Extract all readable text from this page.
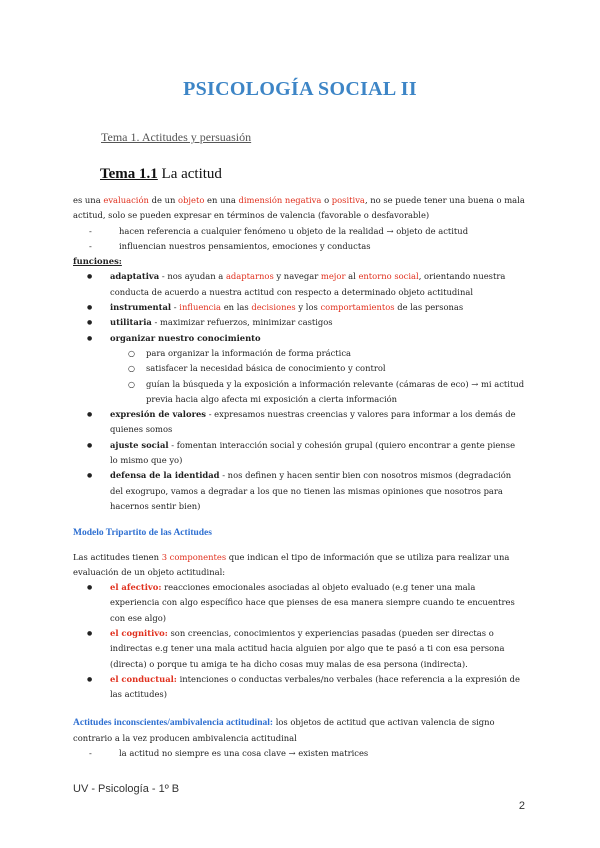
PSICOLOGÍA SOCIAL II
Tema 1. Actitudes y persuasión
Tema 1.1 La actitud

es una evaluación de un objeto en una dimensión negativa o positiva, no se puede tener una buena o mala actitud, solo se pueden expresar en términos de valencia (favorable o desfavorable)

- hacen referencia a cualquier fenómeno u objeto de la realidad → objeto de actitud
- influencian nuestros pensamientos, emociones y conductas
funciones:
● adaptativa - nos ayudan a adaptarnos y navegar mejor al entorno social, orientando nuestra conducta de acuerdo a nuestra actitud con respecto a determinado objeto actitudinal
● instrumental - influencia en las decisiones y los comportamientos de las personas
● utilitaria - maximizar refuerzos, minimizar castigos
● organizar nuestro conocimiento
○ para organizar la información de forma práctica
○ satisfacer la necesidad básica de conocimiento y control
○ guían la búsqueda y la exposición a información relevante (cámaras de eco) → mi actitud previa hacia algo afecta mi exposición a cierta información
● expresión de valores - expresamos nuestras creencias y valores para informar a los demás de quienes somos
● ajuste social - fomentan interacción social y cohesión grupal (quiero encontrar a gente piense lo mismo que yo)
● defensa de la identidad - nos definen y hacen sentir bien con nosotros mismos (degradación del exogrupo, vamos a degradar a los que no tienen las mismas opiniones que nosotros para hacernos sentir bien)
Modelo Tripartito de las Actitudes

Las actitudes tienen 3 componentes que indican el tipo de información que se utiliza para realizar una evaluación de un objeto actitudinal:

● el afectivo: reacciones emocionales asociadas al objeto evaluado (e.g tener una mala experiencia con algo específico hace que pienses de esa manera siempre cuando te encuentres con ese algo)
● el cognitivo: son creencias, conocimientos y experiencias pasadas (pueden ser directas o indirectas e.g tener una mala actitud hacia alguien por algo que te pasó a ti con esa persona (directa) o porque tu amiga te ha dicho cosas muy malas de esa persona (indirecta).
● el conductual: intenciones o conductas verbales/no verbales (hace referencia a la expresión de las actitudes)

Actitudes inconscientes/ambivalencia actitudinal: los objetos de actitud que activan valencia de signo contrario a la vez producen ambivalencia actitudinal

- la actitud no siempre es una cosa clave → existen matrices
UV - Psicología - 1º B
2
